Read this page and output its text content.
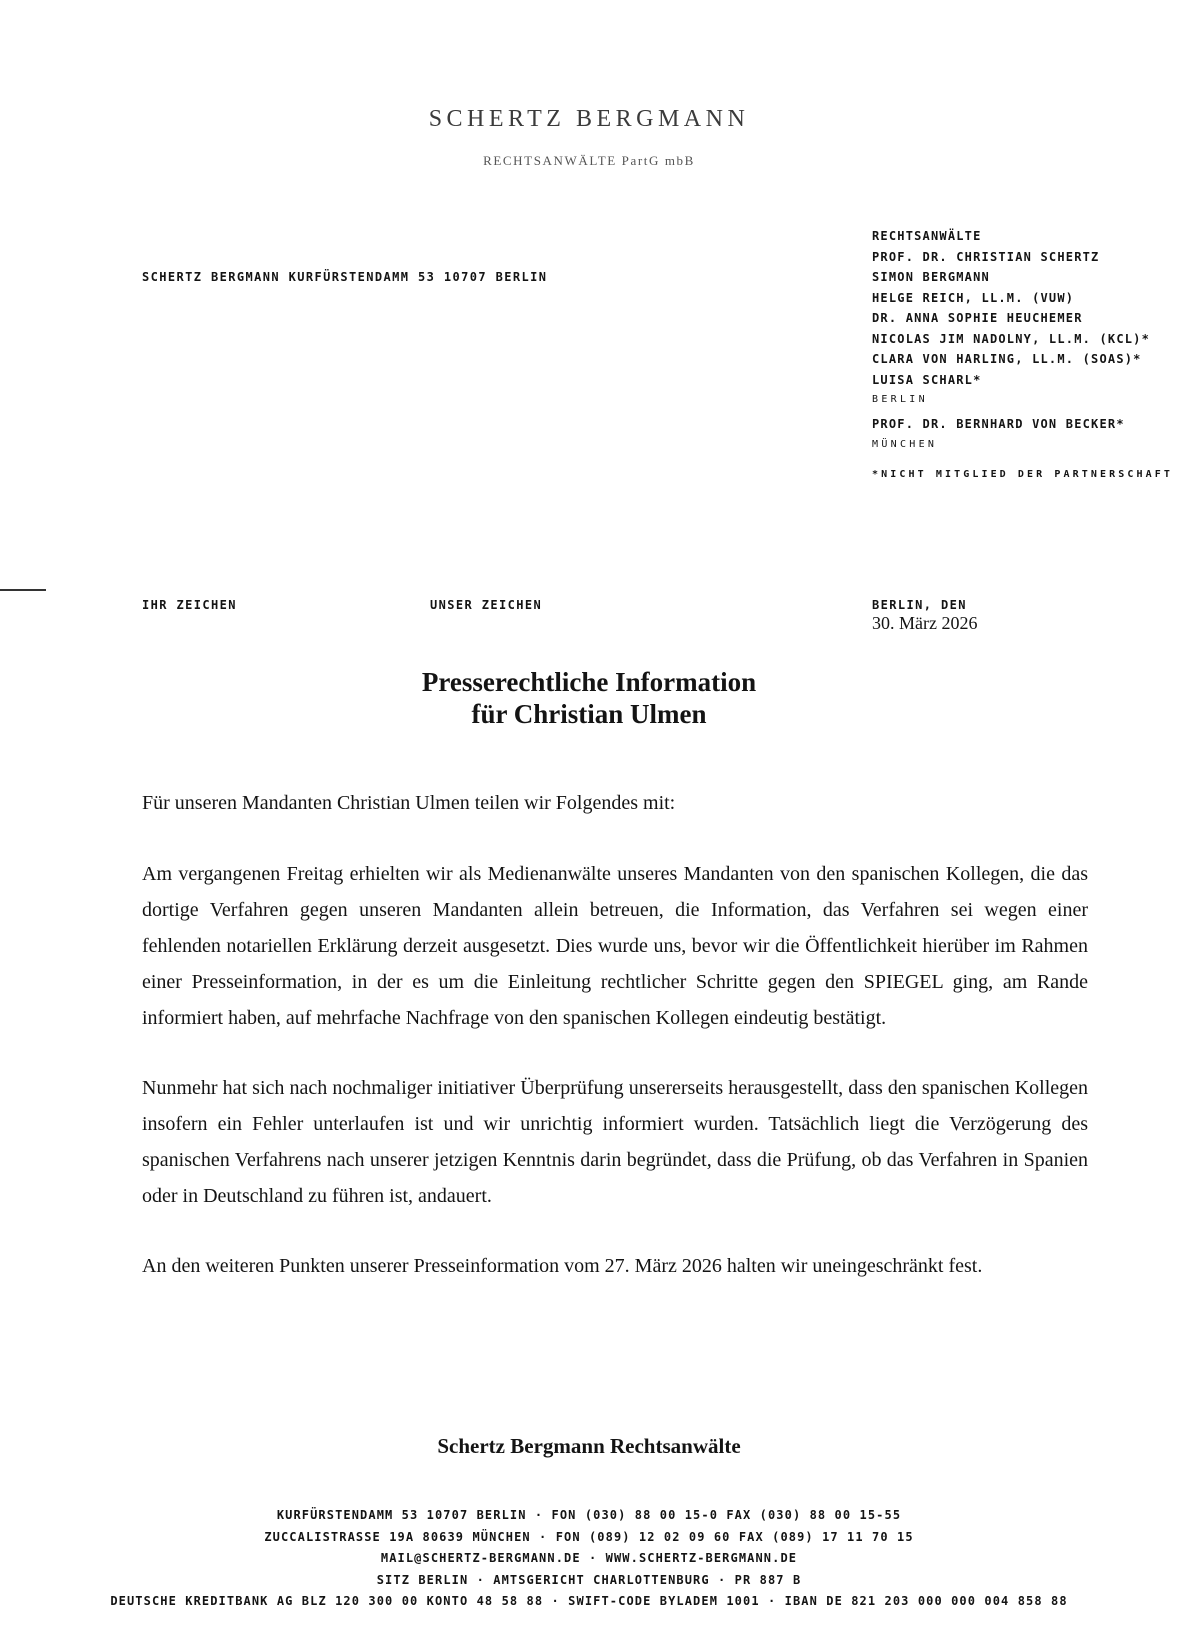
SCHERTZ BERGMANN
RECHTSANWÄLTE PartG mbB
SCHERTZ BERGMANN KURFÜRSTENDAMM 53 10707 BERLIN
RECHTSANWÄLTE
PROF. DR. CHRISTIAN SCHERTZ
SIMON BERGMANN
HELGE REICH, LL.M. (VUW)
DR. ANNA SOPHIE HEUCHEMER
NICOLAS JIM NADOLNY, LL.M. (KCL)*
CLARA VON HARLING, LL.M. (SOAS)*
LUISA SCHARL*
BERLIN
PROF. DR. BERNHARD VON BECKER*
MÜNCHEN
*NICHT MITGLIED DER PARTNERSCHAFT
IHR ZEICHEN	UNSER ZEICHEN	BERLIN, DEN
30. März 2026
Presserechtliche Information
für Christian Ulmen

Für unseren Mandanten Christian Ulmen teilen wir Folgendes mit:

Am vergangenen Freitag erhielten wir als Medienanwälte unseres Mandanten von den spanischen Kollegen, die das dortige Verfahren gegen unseren Mandanten allein betreuen, die Information, das Verfahren sei wegen einer fehlenden notariellen Erklärung derzeit ausgesetzt. Dies wurde uns, bevor wir die Öffentlichkeit hierüber im Rahmen einer Presseinformation, in der es um die Einleitung rechtlicher Schritte gegen den SPIEGEL ging, am Rande informiert haben, auf mehrfache Nachfrage von den spanischen Kollegen eindeutig bestätigt.

Nunmehr hat sich nach nochmaliger initiativer Überprüfung unsererseits herausgestellt, dass den spanischen Kollegen insofern ein Fehler unterlaufen ist und wir unrichtig informiert wurden. Tatsächlich liegt die Verzögerung des spanischen Verfahrens nach unserer jetzigen Kenntnis darin begründet, dass die Prüfung, ob das Verfahren in Spanien oder in Deutschland zu führen ist, andauert.

An den weiteren Punkten unserer Presseinformation vom 27. März 2026 halten wir uneingeschränkt fest.

Schertz Bergmann Rechtsanwälte
KURFÜRSTENDAMM 53 10707 BERLIN · FON (030) 88 00 15-0 FAX (030) 88 00 15-55
ZUCCALISTRASSE 19A 80639 MÜNCHEN · FON (089) 12 02 09 60 FAX (089) 17 11 70 15
MAIL@SCHERTZ-BERGMANN.DE · WWW.SCHERTZ-BERGMANN.DE
SITZ BERLIN · AMTSGERICHT CHARLOTTENBURG · PR 887 B
DEUTSCHE KREDITBANK AG BLZ 120 300 00 KONTO 48 58 88 · SWIFT-CODE BYLADEM 1001 · IBAN DE 821 203 000 000 004 858 88
